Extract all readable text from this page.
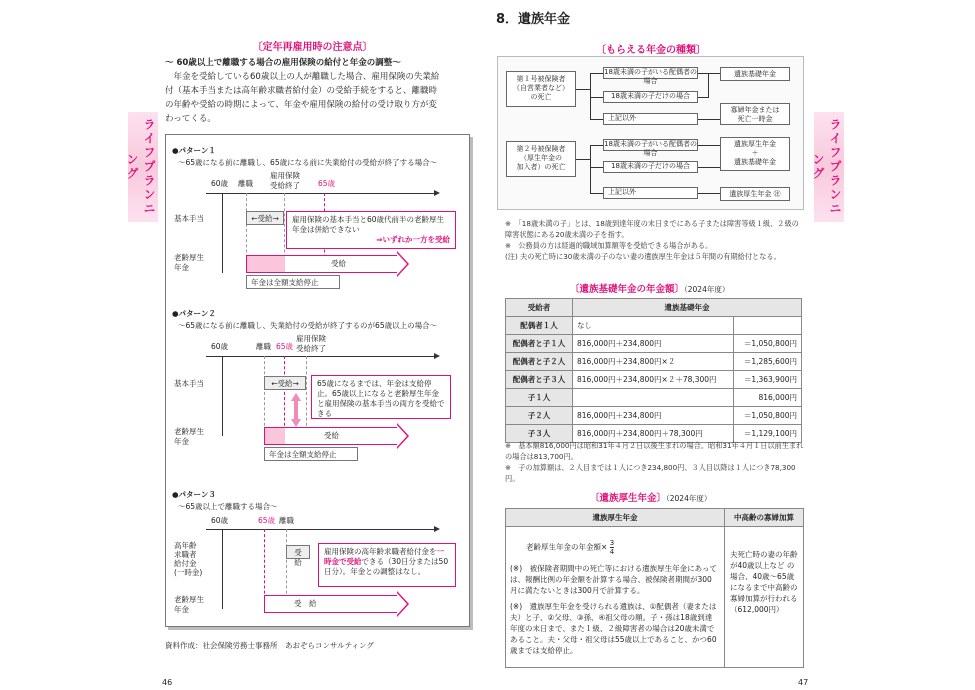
ライフプランニング
〔定年再雇用時の注意点〕
～ 60歳以上で離職する場合の雇用保険の給付と年金の調整～
　年金を受給している60歳以上の人が離職した場合、雇用保険の失業給
付（基本手当または高年齢求職者給付金）の受給手続をすると、離職時
の年齢や受給の時期によって、年金や雇用保険の給付の受け取り方が変
わってくる。
●パターン１
～65歳になる前に離職し、65歳になる前に失業給付の受給が終了する場合～
60歳 離職
雇用保険
受給終了 65歳
基本手当	←受給→	雇用保険の基本手当と60歳代前半の老齢厚生年金は併給できない
⇒いずれか一方を受給
老齢厚生
年金	受給
年金は全額支給停止
●パターン２
～65歳になる前に離職し、失業給付の受給が終了するのが65歳以上の場合～
60歳	離職 65歳
雇用保険
受給終了
基本手当	←受給→	65歳になるまでは、年金は支給停止。65歳以上になると老齢厚生年金と雇用保険の基本手当の両方を受給できる
老齢厚生
年金
受給
年金は全額支給停止
●パターン３
～65歳以上で離職する場合～
60歳	65歳 離職
高年齢
求職者
給付金
(一時金)
受給
雇用保険の高年齢求職者給付金を一時金で受給できる（30日分または50日分）。年金との調整はなし。
老齢厚生
年金
受　給
資料作成：社会保険労務士事務所　あおぞらコンサルティング
46
8．遺族年金
〔もらえる年金の種類〕
第１号被保険者
（自営業者など）
の死亡
18歳未満の子がいる配偶者の場合
18歳未満の子だけの場合
上記以外
遺族基礎年金
寡婦年金または
死亡一時金
第２号被保険者
（厚生年金の
加入者）の死亡
18歳未満の子がいる配偶者の場合
18歳未満の子だけの場合
上記以外
遺族厚生年金
＋
遺族基礎年金
遺族厚生年金 ㊟
※　「18歳未満の子」とは、18歳到達年度の末日までにある子または障害等級１級、２級の障害状態にある20歳未満の子を指す。
※　公務員の方は経過的職域加算額等を受給できる場合がある。
(注) 夫の死亡時に30歳未満の子のない妻の遺族厚生年金は５年間の有期給付となる。
〔遺族基礎年金の年金額〕（2024年度）
受給者	遺族基礎年金	
配偶者１人	なし	
配偶者と子１人	816,000円＋234,800円	＝1,050,800円
配偶者と子２人	816,000円＋234,800円×２	＝1,285,600円
配偶者と子３人	816,000円＋234,800円×２＋78,300円	＝1,363,900円
子１人		816,000円
子２人	816,000円＋234,800円	＝1,050,800円
子３人	816,000円＋234,800円＋78,300円	＝1,129,100円
※　基本額816,000円は昭和31年４月２日以後生まれの場合。昭和31年４月１日以前生まれの場合は813,700円。
※　子の加算額は、２人目までは１人につき234,800円、３人目以降は１人につき78,300円。
〔遺族厚生年金〕（2024年度）
遺族厚生年金	中高齢の寡婦加算
老齢厚生年金の年金額× $\frac{3}{4}$
(※)　被保険者期間中の死亡等における遺族厚生年金にあっては、報酬比例の年金額を計算する場合、被保険者期間が300月に満たないときは300月で計算する。
(※)　遺族厚生年金を受けられる遺族は、①配偶者（妻または夫）と子、②父母、③孫、④祖父母の順。子・孫は18歳到達年度の末日まで、また１級、２級障害者の場合は20歳未満であること。夫・父母・祖父母は55歳以上であること、かつ60歳までは支給停止。
夫死亡時の妻の年齢が40歳以上など の場合、40歳～65歳になるまで中高齢の寡婦加算が行われる（612,000円）
ライフプランニング
47
